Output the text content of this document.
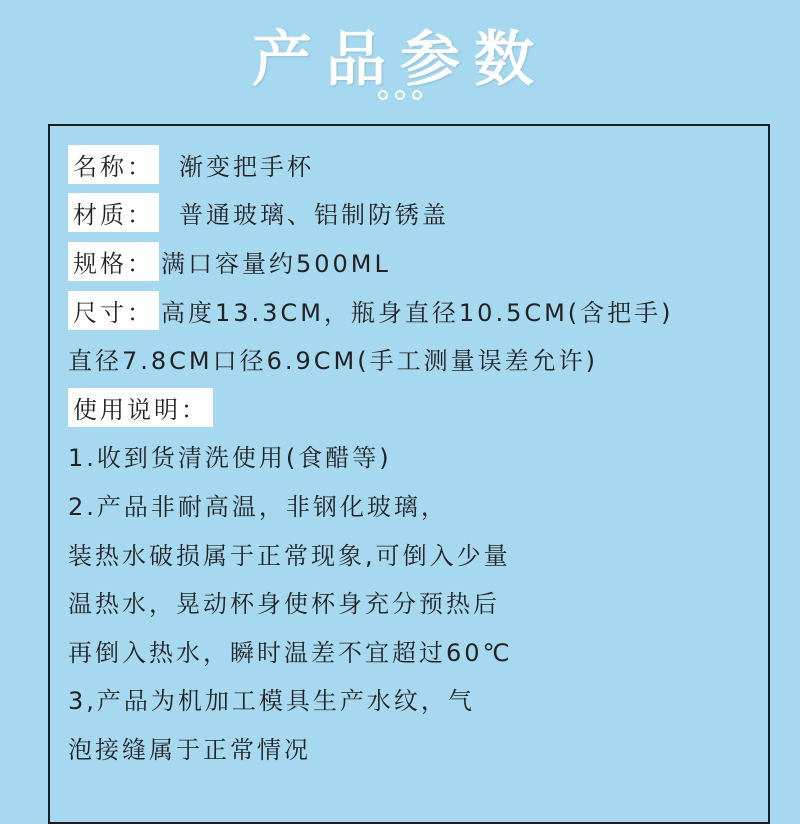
产品参数
名称： 渐变把手杯
材质： 普通玻璃、铝制防锈盖
规格： 满口容量约500ML
尺寸： 高度13.3CM，瓶身直径10.5CM(含把手)
直径7.8CM口径6.9CM(手工测量误差允许)
使用说明：
1.收到货清洗使用(食醋等)
2.产品非耐高温，非钢化玻璃，
装热水破损属于正常现象,可倒入少量
温热水，晃动杯身使杯身充分预热后
再倒入热水，瞬时温差不宜超过60℃
3,产品为机加工模具生产水纹，气
泡接缝属于正常情况
